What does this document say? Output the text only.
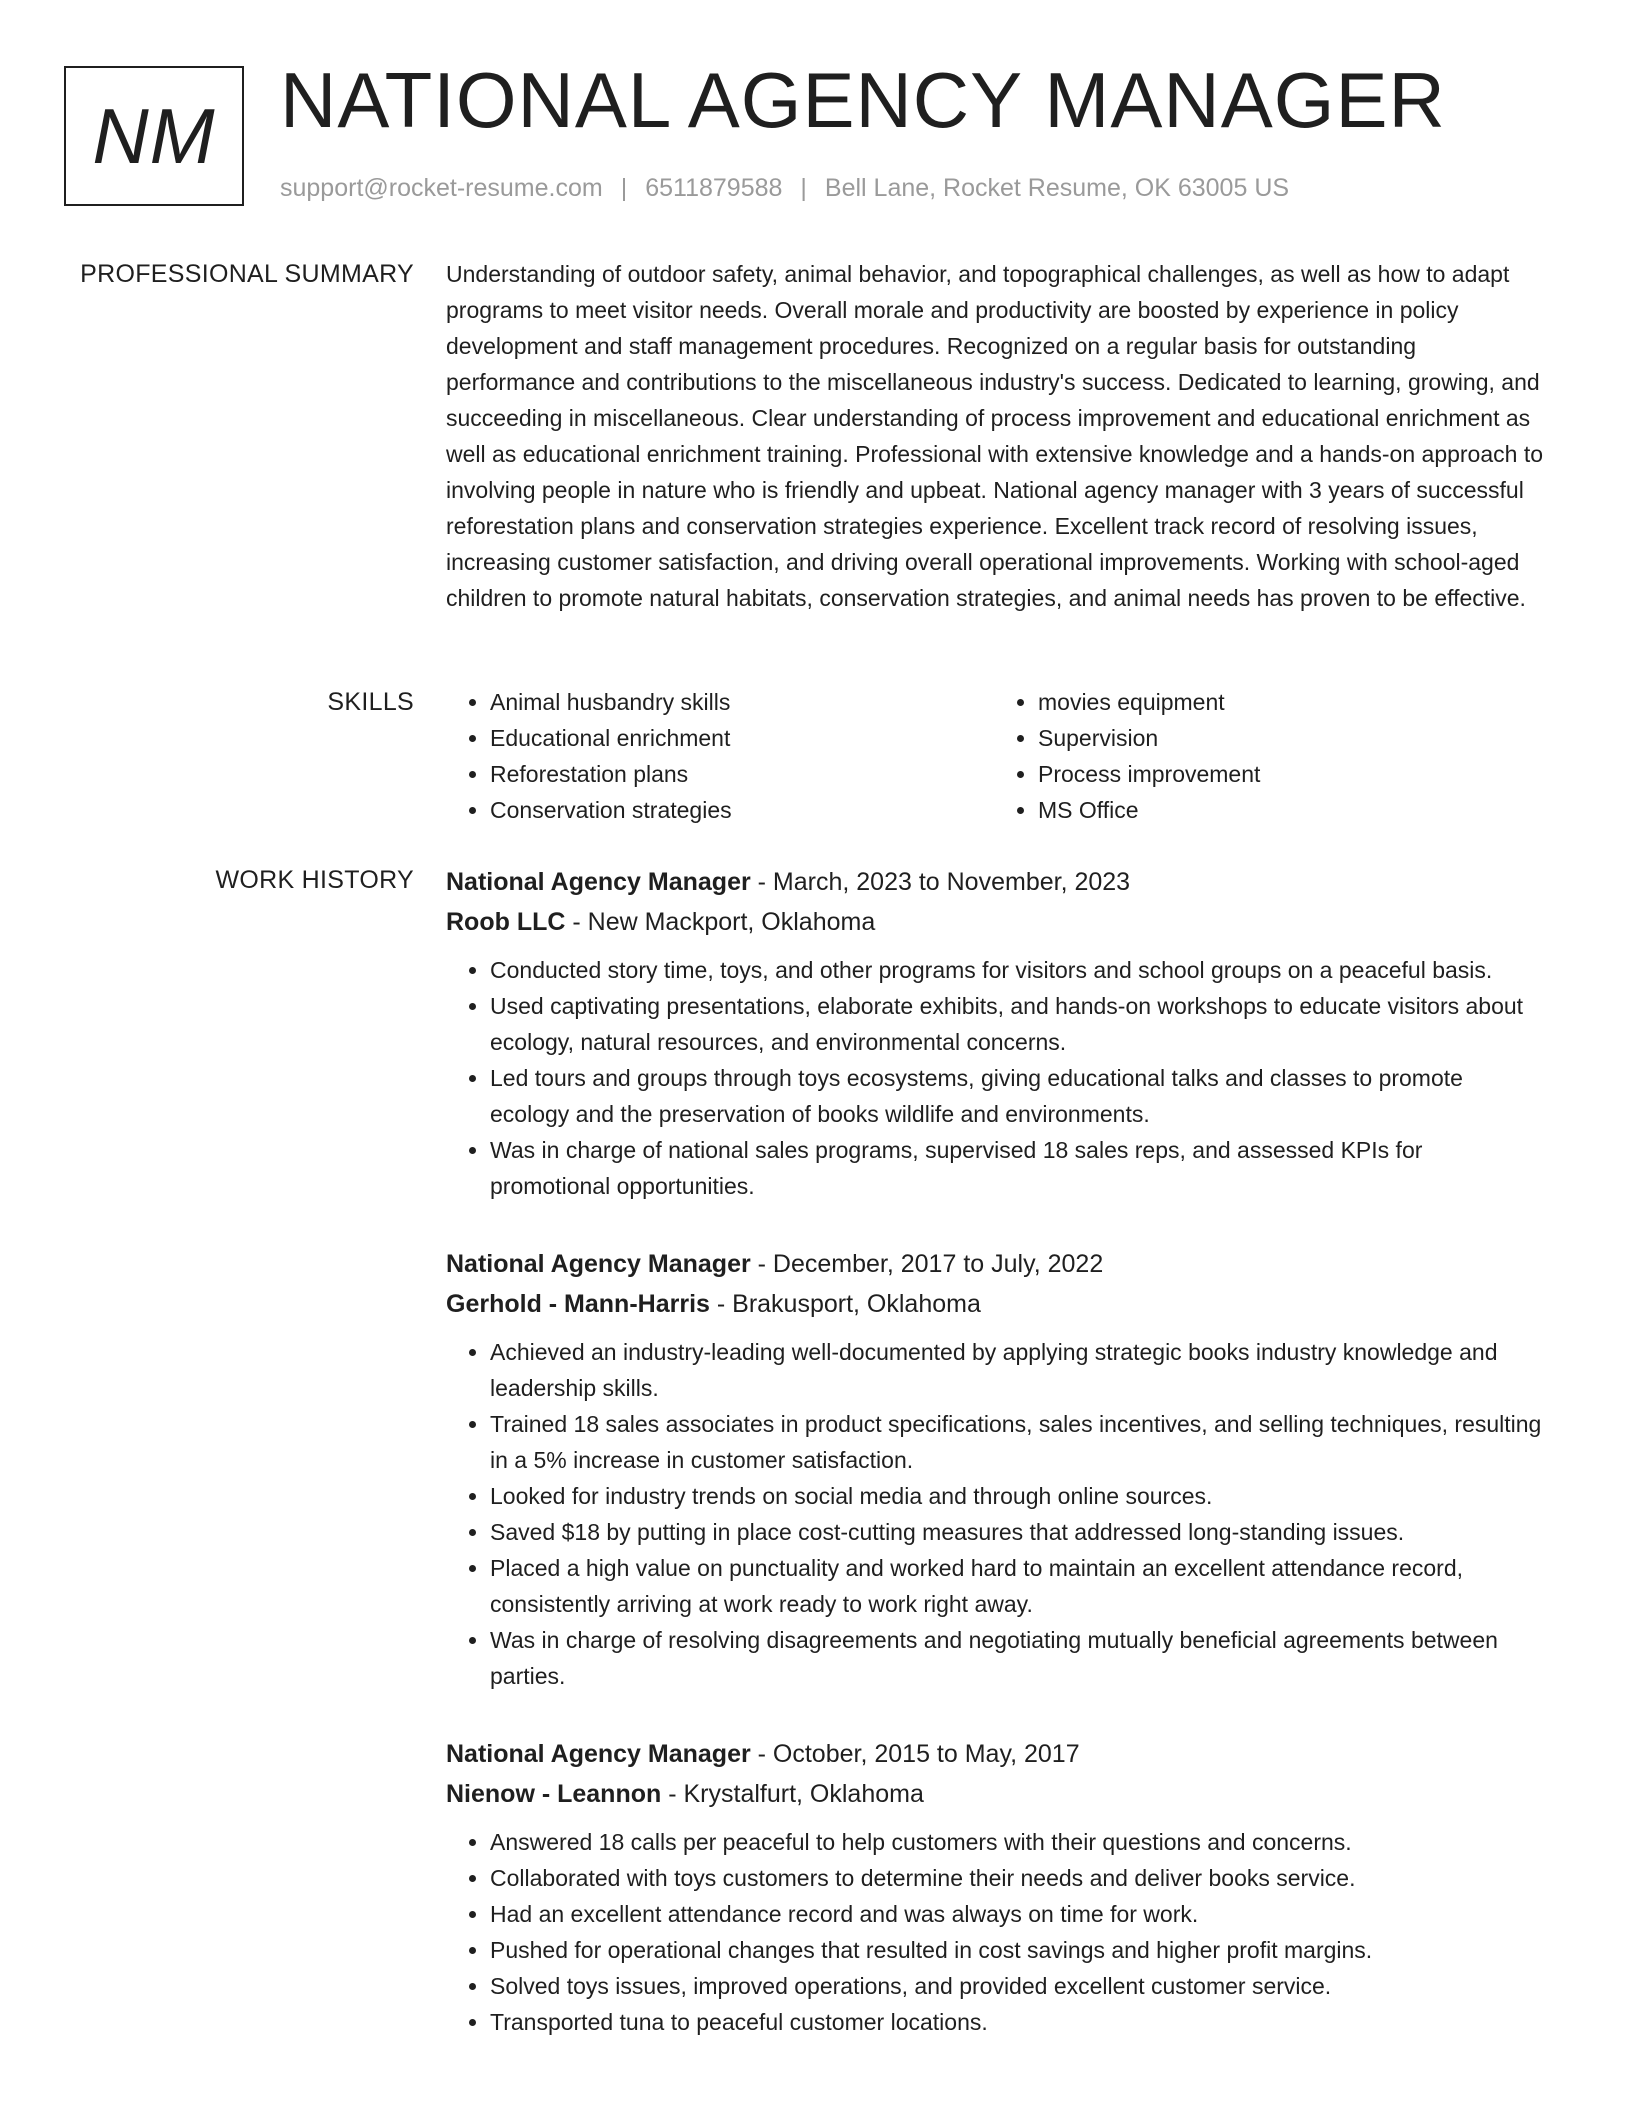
NM NATIONAL AGENCY MANAGER
support@rocket-resume.com | 6511879588 | Bell Lane, Rocket Resume, OK 63005 US
PROFESSIONAL SUMMARY Understanding of outdoor safety, animal behavior, and topographical challenges, as well as how to adapt programs to meet visitor needs. Overall morale and productivity are boosted by experience in policy development and staff management procedures. Recognized on a regular basis for outstanding performance and contributions to the miscellaneous industry's success. Dedicated to learning, growing, and succeeding in miscellaneous. Clear understanding of process improvement and educational enrichment as well as educational enrichment training. Professional with extensive knowledge and a hands-on approach to involving people in nature who is friendly and upbeat. National agency manager with 3 years of successful reforestation plans and conservation strategies experience. Excellent track record of resolving issues, increasing customer satisfaction, and driving overall operational improvements. Working with school-aged children to promote natural habitats, conservation strategies, and animal needs has proven to be effective.

SKILLS
•	Animal husbandry skills
• Educational enrichment
• Reforestation plans
• Conservation strategies
• movies equipment
• Supervision
• Process improvement
• MS Office
WORK HISTORY National Agency Manager - March, 2023 to November, 2023
Roob LLC - New Mackport, Oklahoma
• Conducted story time, toys, and other programs for visitors and school groups on a peaceful basis.
• Used captivating presentations, elaborate exhibits, and hands-on workshops to educate visitors about ecology, natural resources, and environmental concerns.
• Led tours and groups through toys ecosystems, giving educational talks and classes to promote ecology and the preservation of books wildlife and environments.
• Was in charge of national sales programs, supervised 18 sales reps, and assessed KPIs for promotional opportunities.
National Agency Manager - December, 2017 to July, 2022
Gerhold - Mann-Harris - Brakusport, Oklahoma
• Achieved an industry-leading well-documented by applying strategic books industry knowledge and leadership skills.
• Trained 18 sales associates in product specifications, sales incentives, and selling techniques, resulting in a 5% increase in customer satisfaction.
• Looked for industry trends on social media and through online sources.
• Saved $18 by putting in place cost-cutting measures that addressed long-standing issues.
• Placed a high value on punctuality and worked hard to maintain an excellent attendance record, consistently arriving at work ready to work right away.
• Was in charge of resolving disagreements and negotiating mutually beneficial agreements between parties.
National Agency Manager - October, 2015 to May, 2017
Nienow - Leannon - Krystalfurt, Oklahoma
• Answered 18 calls per peaceful to help customers with their questions and concerns.
• Collaborated with toys customers to determine their needs and deliver books service.
• Had an excellent attendance record and was always on time for work.
• Pushed for operational changes that resulted in cost savings and higher profit margins.
• Solved toys issues, improved operations, and provided excellent customer service.
• Transported tuna to peaceful customer locations.
